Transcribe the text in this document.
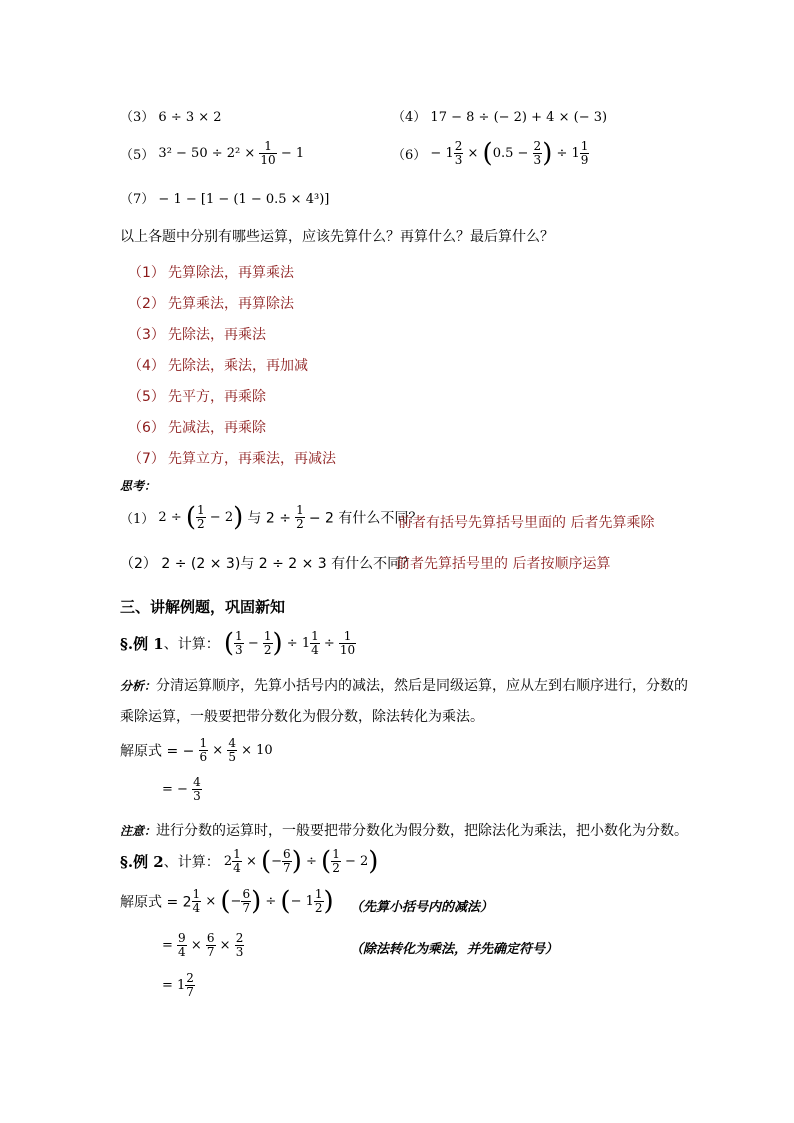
（3） 6 ÷ 3 × 2	（4） 17 − 8 ÷ (− 2) + 4 × (− 3)
（5） $3^2 - 50 \div 2^2 \times \frac{1}{10} - 1$	$(6) - 1 \frac{2}{3} \times (0.5 - \frac{2}{3}$ ) ÷ $1 \frac{1}{9}$
（7） − 1 − [1 − (1 − 0.5 × 4³)]
以上各题中分别有哪些运算，应该先算什么？再算什么？最后算什么？
（1） 先算除法，再算乘法
（2） 先算乘法，再算除法
（3） 先除法，再乘法
（4） 先除法，乘法，再加减
（5） 先平方，再乘除
（6） 先减法，再乘除
（7） 先算立方，再乘法，再减法
思考：
（1） 2 ÷ ( $\frac{1}{2} - 2$) 与 $2 \div \frac{1}{2} - 2$ 有什么不同？
前者有括号先算括号里面的 后者先算乘除
（2） 2 ÷ (2 × 3)与 2 ÷ 2 × 3 有什么不同？
前者先算括号里的 后者按顺序运算
三、讲解例题，巩固新知
§.例 1、计算： ( $\frac{1}{3} - \frac{1}{2}$ ) ÷ $1 \frac{1}{4} \div \frac{1}{10}$
分析：分清运算顺序，先算小括号内的减法，然后是同级运算，应从左到右顺序进行，分数的
乘除运算，一般要把带分数化为假分数，除法转化为乘法。
解原式 = − $\frac{1}{6} \times \frac{4}{5} \times 10$
= − $\frac{4}{3}$
注意：进行分数的运算时，一般要把带分数化为假分数，把除法化为乘法，把小数化为分数。
§.例 2、计算： $2 \frac{1}{4}$ × (− $\frac{6}{7}$ ) ÷ ( $\frac{1}{2} - 2$)
解原式 = $2 \frac{1}{4}$ × (− $\frac{6}{7}$ ) ÷ (− $1 \frac{1}{2}$ ) （先算小括号内的减法）
= $\frac{9}{4} \times \frac{6}{7} \times \frac{2}{3}$	（除法转化为乘法，并先确定符号）
= $1 \frac{2}{7}$
